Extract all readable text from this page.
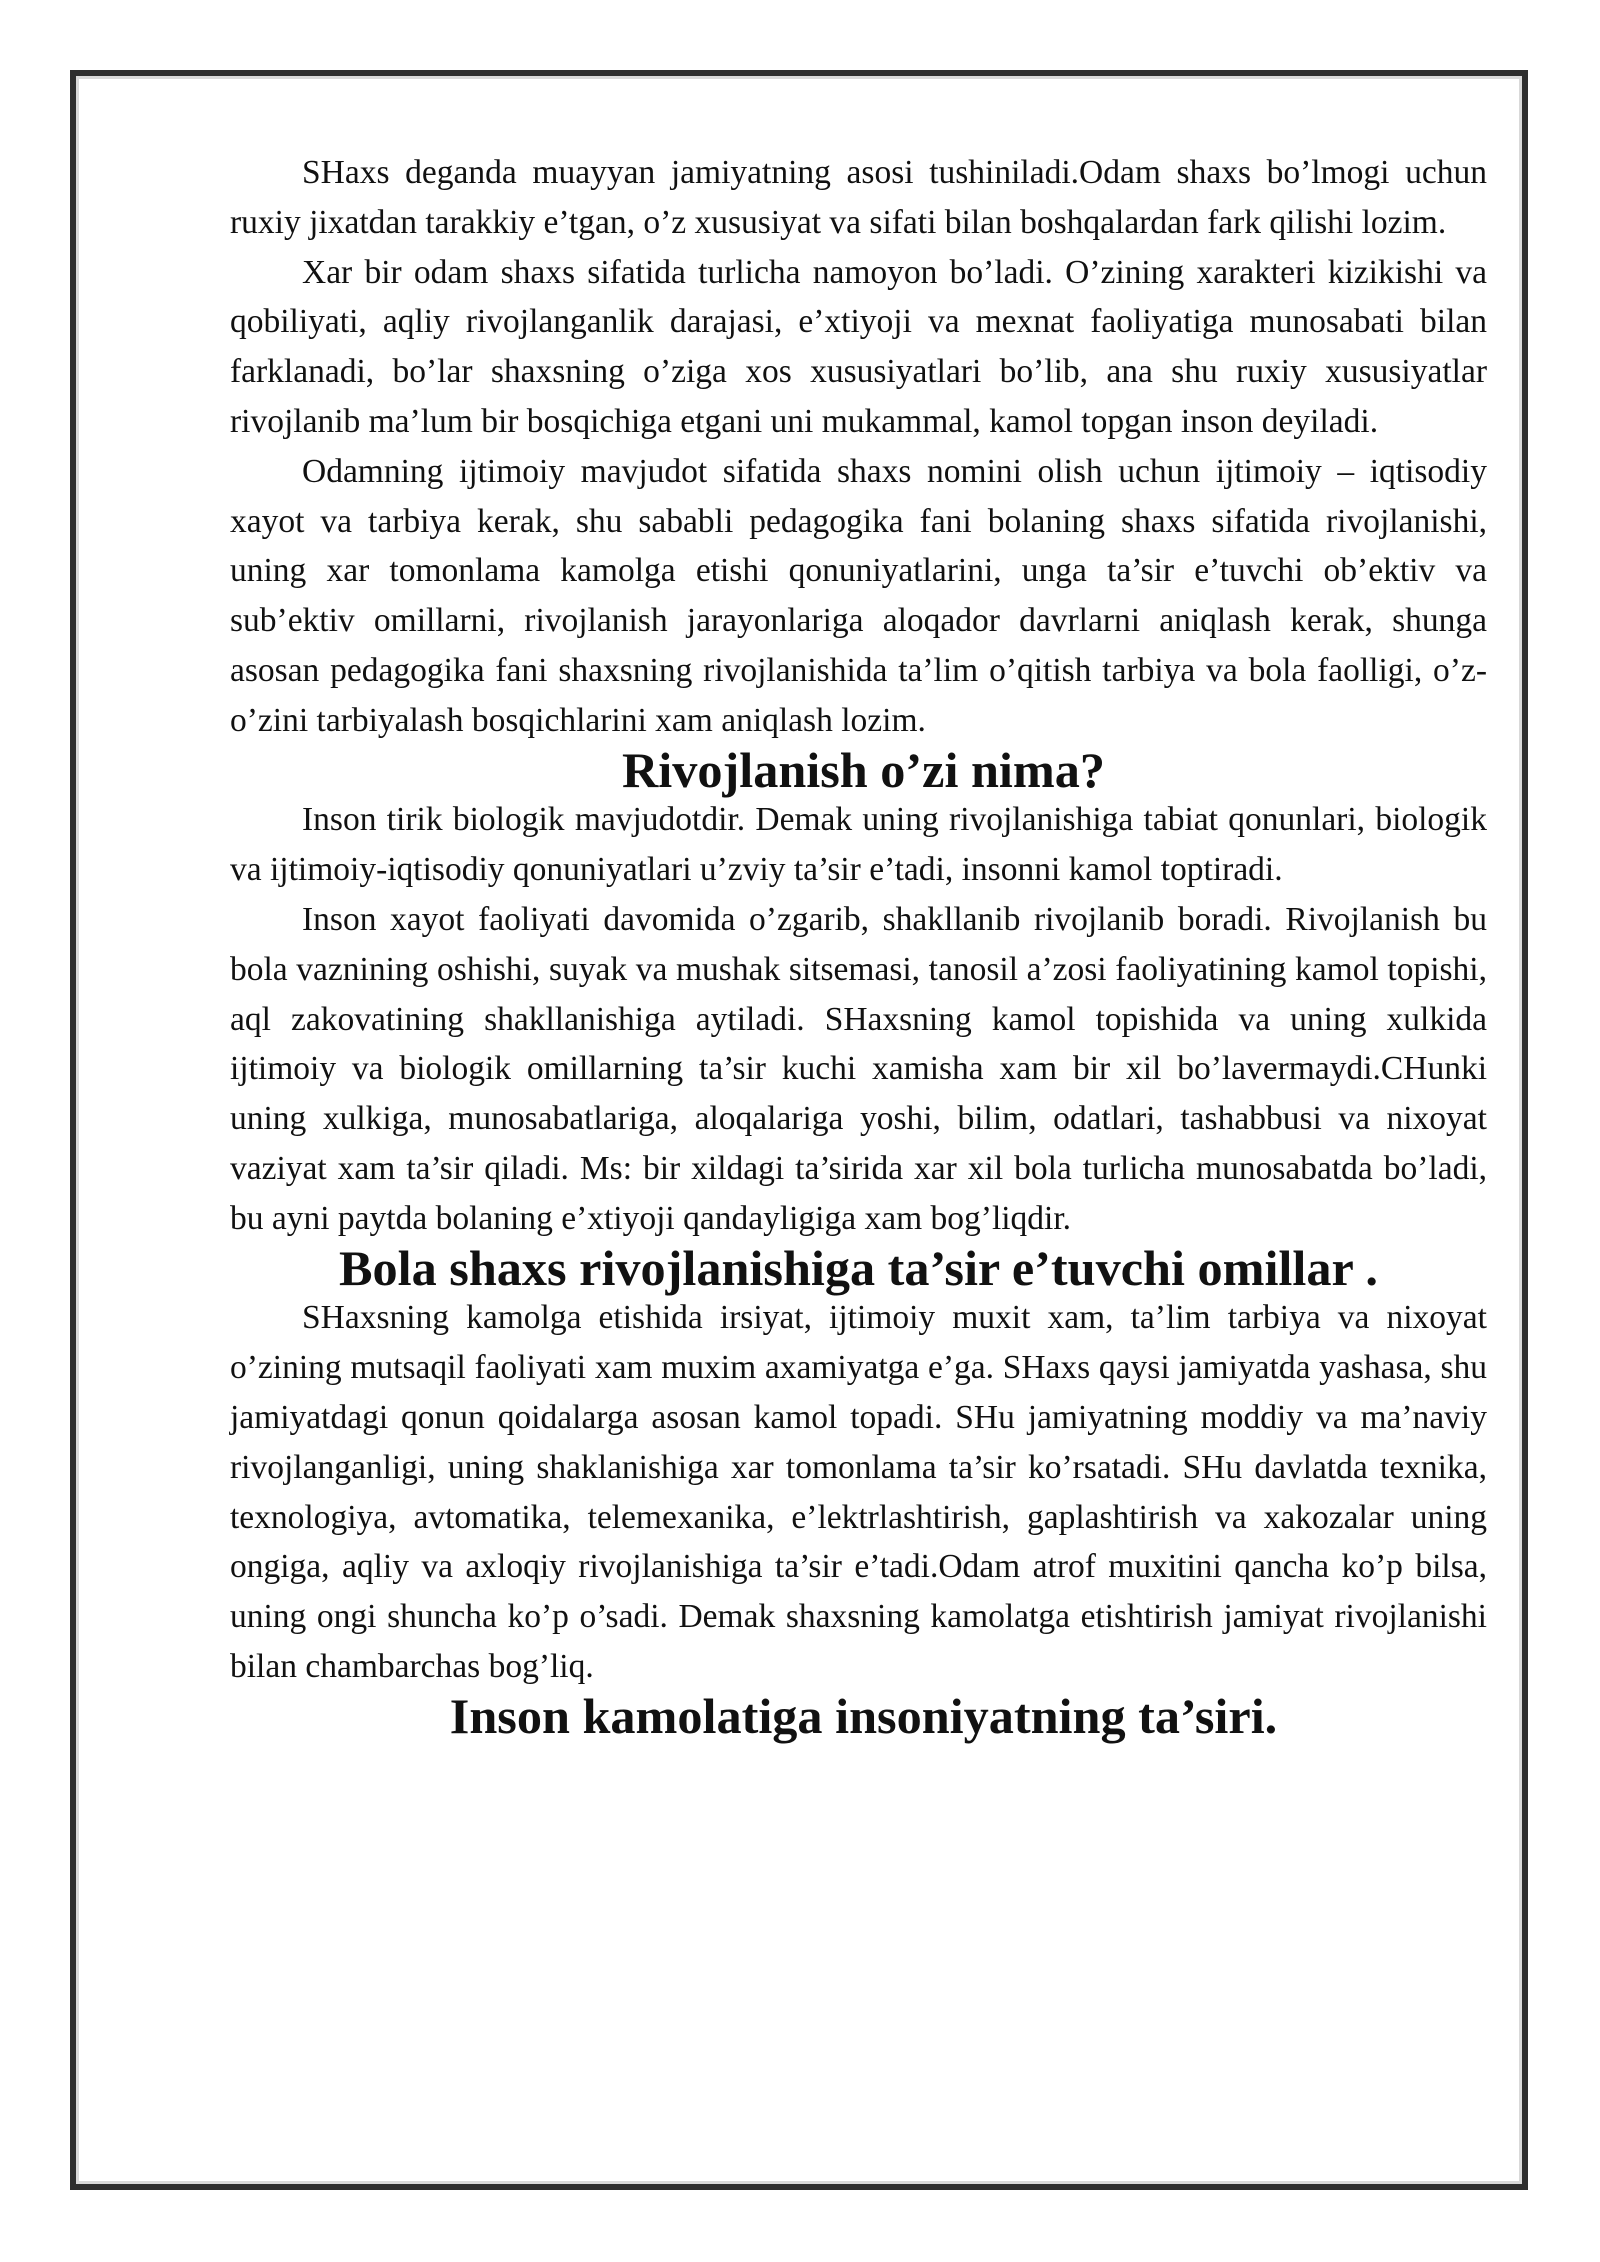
SHaxs deganda muayyan jamiyatning asosi tushiniladi.Odam shaxs bo’lmogi uchun ruxiy jixatdan tarakkiy e’tgan, o’z xususiyat va sifati bilan boshqalardan fark qilishi lozim.

Xar bir odam shaxs sifatida turlicha namoyon bo’ladi. O’zining xarakteri kizikishi va qobiliyati, aqliy rivojlanganlik darajasi, e’xtiyoji va mexnat faoliyatiga munosabati bilan farklanadi, bo’lar shaxsning o’ziga xos xususiyatlari bo’lib, ana shu ruxiy xususiyatlar rivojlanib ma’lum bir bosqichiga etgani uni mukammal, kamol topgan inson deyiladi.

Odamning ijtimoiy mavjudot sifatida shaxs nomini olish uchun ijtimoiy – iqtisodiy xayot va tarbiya kerak, shu sababli pedagogika fani bolaning shaxs sifatida rivojlanishi, uning xar tomonlama kamolga etishi qonuniyatlarini, unga ta’sir e’tuvchi ob’ektiv va sub’ektiv omillarni, rivojlanish jarayonlariga aloqador davrlarni aniqlash kerak, shunga asosan pedagogika fani shaxsning rivojlanishida ta’lim o’qitish tarbiya va bola faolligi, o’z-o’zini tarbiyalash bosqichlarini xam aniqlash lozim.

Rivojlanish o’zi nima?

Inson tirik biologik mavjudotdir. Demak uning rivojlanishiga tabiat qonunlari, biologik va ijtimoiy-iqtisodiy qonuniyatlari u’zviy ta’sir e’tadi, insonni kamol toptiradi.

Inson xayot faoliyati davomida o’zgarib, shakllanib rivojlanib boradi. Rivojlanish bu bola vaznining oshishi, suyak va mushak sitsemasi, tanosil a’zosi faoliyatining kamol topishi, aql zakovatining shakllanishiga aytiladi. SHaxsning kamol topishida va uning xulkida ijtimoiy va biologik omillarning ta’sir kuchi xamisha xam bir xil bo’lavermaydi.CHunki uning xulkiga, munosabatlariga, aloqalariga yoshi, bilim, odatlari, tashabbusi va nixoyat vaziyat xam ta’sir qiladi. Ms: bir xildagi ta’sirida xar xil bola turlicha munosabatda bo’ladi, bu ayni paytda bolaning e’xtiyoji qandayligiga xam bog’liqdir.

Bola shaxs rivojlanishiga ta’sir e’tuvchi omillar .

SHaxsning kamolga etishida irsiyat, ijtimoiy muxit xam, ta’lim tarbiya va nixoyat o’zining mutsaqil faoliyati xam muxim axamiyatga e’ga. SHaxs qaysi jamiyatda yashasa, shu jamiyatdagi qonun qoidalarga asosan kamol topadi. SHu jamiyatning moddiy va ma’naviy rivojlanganligi, uning shaklanishiga xar tomonlama ta’sir ko’rsatadi. SHu davlatda texnika, texnologiya, avtomatika, telemexanika, e’lektrlashtirish, gaplashtirish va xakozalar uning ongiga, aqliy va axloqiy rivojlanishiga ta’sir e’tadi.Odam atrof muxitini qancha ko’p bilsa, uning ongi shuncha ko’p o’sadi. Demak shaxsning kamolatga etishtirish jamiyat rivojlanishi bilan chambarchas bog’liq.

Inson kamolatiga insoniyatning ta’siri.
